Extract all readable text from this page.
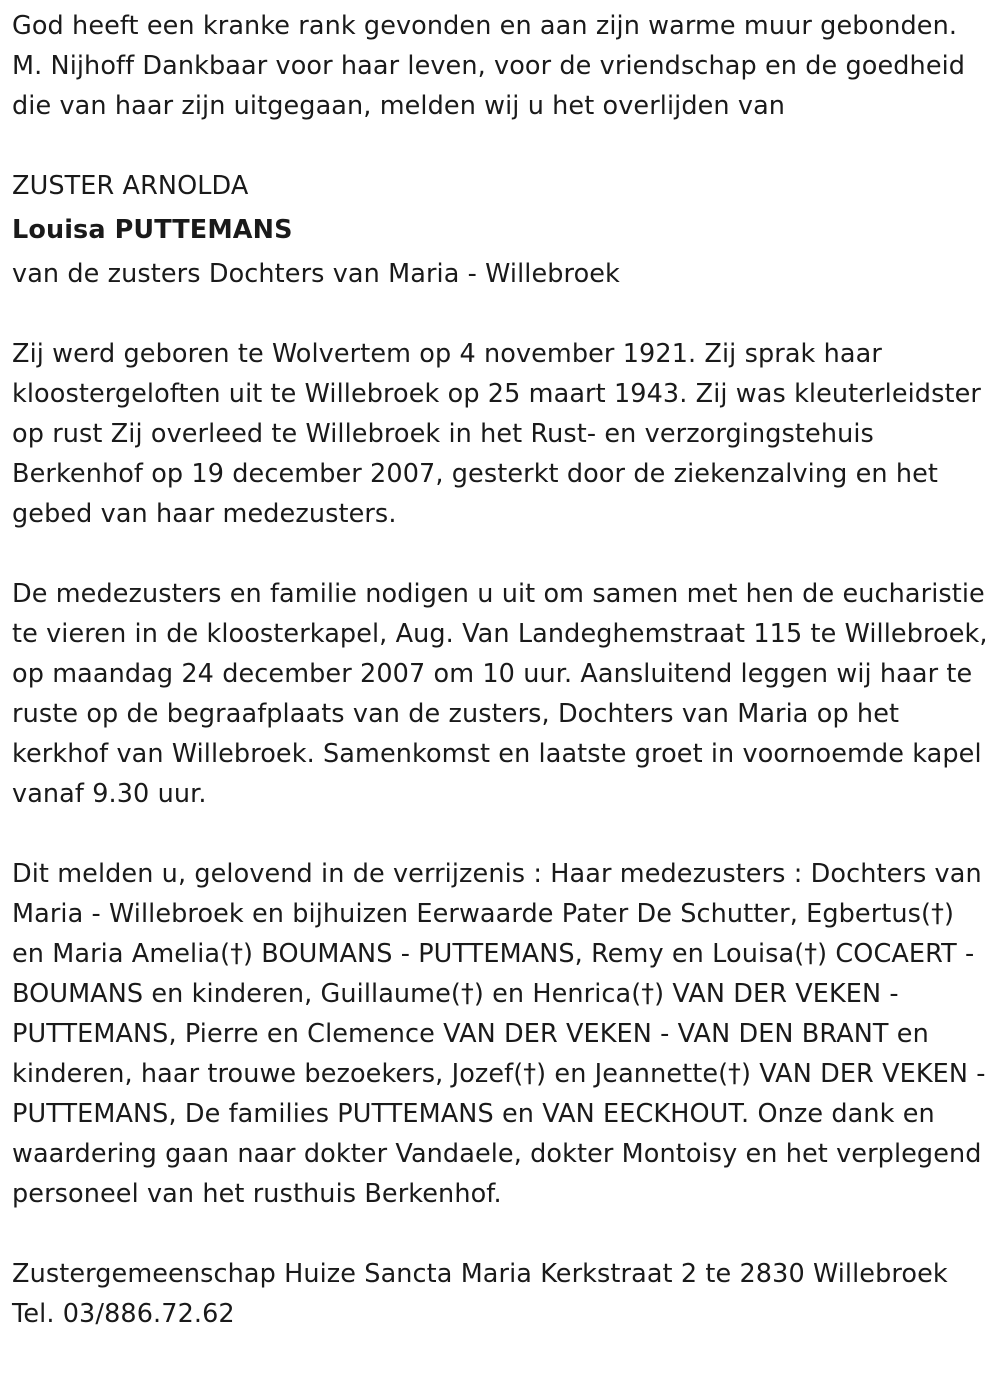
God heeft een kranke rank gevonden en aan zijn warme muur gebonden. M. Nijhoff Dankbaar voor haar leven, voor de vriendschap en de goedheid die van haar zijn uitgegaan, melden wij u het overlijden van

ZUSTER ARNOLDA

Louisa PUTTEMANS

van de zusters Dochters van Maria - Willebroek

Zij werd geboren te Wolvertem op 4 november 1921. Zij sprak haar kloostergeloften uit te Willebroek op 25 maart 1943. Zij was kleuterleidster op rust Zij overleed te Willebroek in het Rust- en verzorgingstehuis Berkenhof op 19 december 2007, gesterkt door de ziekenzalving en het gebed van haar medezusters.

De medezusters en familie nodigen u uit om samen met hen de eucharistie te vieren in de kloosterkapel, Aug. Van Landeghemstraat 115 te Willebroek, op maandag 24 december 2007 om 10 uur. Aansluitend leggen wij haar te ruste op de begraafplaats van de zusters, Dochters van Maria op het kerkhof van Willebroek. Samenkomst en laatste groet in voornoemde kapel vanaf 9.30 uur.

Dit melden u, gelovend in de verrijzenis : Haar medezusters : Dochters van Maria - Willebroek en bijhuizen Eerwaarde Pater De Schutter, Egbertus(†) en Maria Amelia(†) BOUMANS - PUTTEMANS, Remy en Louisa(†) COCAERT - BOUMANS en kinderen, Guillaume(†) en Henrica(†) VAN DER VEKEN - PUTTEMANS, Pierre en Clemence VAN DER VEKEN - VAN DEN BRANT en kinderen, haar trouwe bezoekers, Jozef(†) en Jeannette(†) VAN DER VEKEN - PUTTEMANS, De families PUTTEMANS en VAN EECKHOUT. Onze dank en waardering gaan naar dokter Vandaele, dokter Montoisy en het verplegend personeel van het rusthuis Berkenhof.

Zustergemeenschap Huize Sancta Maria Kerkstraat 2 te 2830 Willebroek

Tel. 03/886.72.62
